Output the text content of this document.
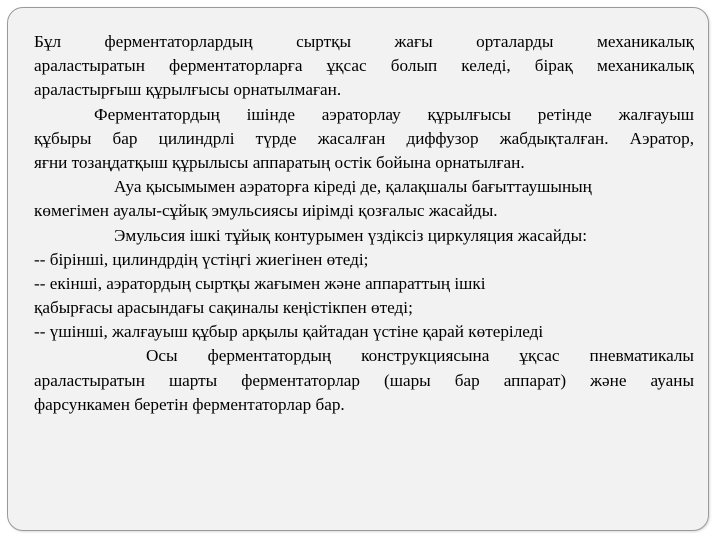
Бұл ферментаторлардың сыртқы жағы орталарды механикалық
араластыратын ферментаторларға ұқсас болып келеді, бірақ механикалық
араластырғыш құрылғысы орнатылмаған.
Ферментатордың ішінде аэраторлау құрылғысы ретінде жалғауыш
құбыры бар цилиндрлі түрде жасалған диффузор жабдықталған. Аэратор,
яғни тозаңдатқыш құрылысы аппаратың остік бойына орнатылған.
Ауа қысымымен аэраторға кіреді де, қалақшалы бағыттаушының
көмегімен ауалы-сұйық эмульсиясы иірімді қозғалыс жасайды.
Эмульсия ішкі тұйық контурымен үздіксіз циркуляция жасайды:
-- біріншi, цилиндрдің үстіңгі жиегінен өтеді;
-- екінші, аэратордың сыртқы жағымен және аппараттың ішкі
қабырғасы арасындағы сақиналы кеңістікпен өтеді;
-- үшінші, жалғауыш құбыр арқылы қайтадан үстіне қарай көтеріледі
Осы ферментатордың конструкциясына ұқсас пневматикалы
араластыратын шарты ферментаторлар (шары бар аппарат) және ауаны
фарсункамен беретін ферментаторлар бар.
